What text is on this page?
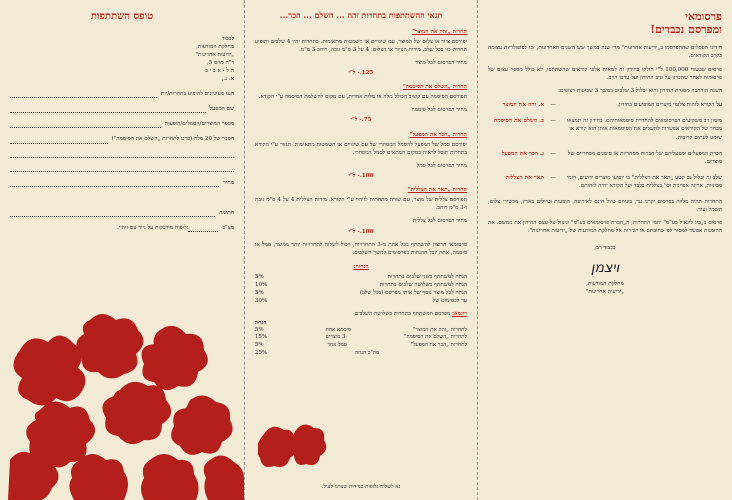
פרסומאי
ומפרסם נכבדים!

חידוני הפסלים שהתפרסמו ב„ידיעות אחרונות" מדי שנה במשך שש השנים האחרונות, זכו לפופולריות עצומה בקרב הקוראים.

פרסים שבשווי 100,000 ל"י חולקו בחידון זה למאות אלפי קוראים שהשתתפו, לא כולל מספר עצום של פרסומות לאחר שהכרזו על טיב החידון ועל ערכו הרב.

השנה הורחבה מסגרת החידון והוא יכלול 3 שלבים במשך 3 שבועות רצופים:

על הקורא לזהות צלומי מוצרים המופיעים בחידון.
—
א. זהה את המוצר
מימון רב משקיעים הפרסומאים להחדרת סיסמאותיהם. בחידון זה תמצאו מבחר של הקוראים אפשרות להשלים את הסיסמאות אותן הוא קורא או שומע לעתים קרובות.
—
ב. השלם את הסיסמה
הכרת המפעלים ומפעליהם של חברות מסחריות או סימנים מסחריים של מוצרים.
—
ג. הכר את המפעל
שלב זה יכלול נם קטע „תאר את הצללית" בו יופיעו מוצרים ידועים, דגמי מכוניות, אריזה אפיינית וכו' בצללית בלבד ועל הקורא יהיה לזהותם.
—
תאר את הצללית

התחרות תהיה מלווה בפרסום יקרני ער, ביניהם טיול חינם לאירופה, הופעות וטיולים בארץ, מכשירי צלום, תשמל ועוד.

פרסום ב„ביג ליגאיל בע"מ" יוזמי התחרות, ה„חברת פרסומאים בע"מ" וניצול על עצם החידון את ממשם. את ההזמנות אפשר למסור לפי כתובתם או ישירות אל מחלקת המודעות של „ידיעות אחרונות".

בכבוד רב,
ויצמן
מחלקת המודעות,
„ידיעות אחרונות"
תנאי ההשתתפות בתחרות זהה ... השלם ... הכר...
תחרות „זהה את המוצר"

יפורסם ציור או צלום של המוצר, עם שינויים או השמטות מתאימות. בתחרות יהיו 4 שלבים ותופיע תחרות כזו בכל שלב. מידות הציור או הצלום: 4 על 3 ס"מ גובה, רוחב 3 ס"מ.

מחיר הפרסום לכל מוצר
125.- ל"י
תחרות „השלם את הסיסמה"

תפורסם הסיסמה עם קוצוב הכולל מלה או מלות אחדות, עם מקום להשלמת הסיסמה ע"י הקורא.

מחיר הפרסום לכל סיסמה
75.- ל"י
תחרות „הכר את המפעל"

יפורסם סמל של המפעל להסמל המסחרי של עם שינויים או השמטות מתאימות. תגזור ע"י הקורא בתחרות תוכל לראות במקום המתאים לסמל המסחרי.

מחיר הפרסום לכל סמל
100.- ל"י
תחרות „תאר את הצללית"

תפורסם צללית של מוצר, עם שורה מתחתיה לזיהוי ע"י הקורא. מידות הצללית 4 על 4 ס"מ גובה ו-3 ס"מ רוחב.

מחיר הפרסום לכל צללית
100.- ל"י

פרסומאי הרוצה להשתתף בכל אחת מ-3 התחרויות, ויכול לשלוח לתחרויות יותר ממוצר, סמל או סיסמה, אתה יוכל ההנחות בפרסומים למשך השלבים:

הנחות:
הנחה למשתתף בשני שלבים בתחרות
5%
הנחה למשתתף בשלושה שלבים בתחרות
10%
הנחה לכל מוצר נוסף של אותו מפרסם (בכל שלב)
5%
עד לכסימום של
30%
דוגמא: מפרסם המשתתף בתחרות בשלושת השלבים
הנחה
לתחרות „זהה את המוצר"
סיסמא אחת
5%
לתחרות „השלם את הסיסמה"
3 מוצרים
15%
לתחרות „הכר את המפעל"
סמל אחד
5%
סה"כ הנחה
25%
נא לשלוח גלופות במידות שצוינו לעיל.
טופס השתתפות

לכבוד

מחלקת המודעות,

„ידיעות אחרונות"

ר"ח מוזס 5,

ת ל - א ב י ב

א. נ.,

הננו מעוניינים להופיע בתחרות/יות
שם המפעל
מספר המוצרים/הסמלים/הופעות
הסבר של 20 מלה (פרט לתחרות „השלם את הסיסמה")
מחיר
חתימה
מצ"ב
גלופות מודבקות על נייר עם זיהוי.
